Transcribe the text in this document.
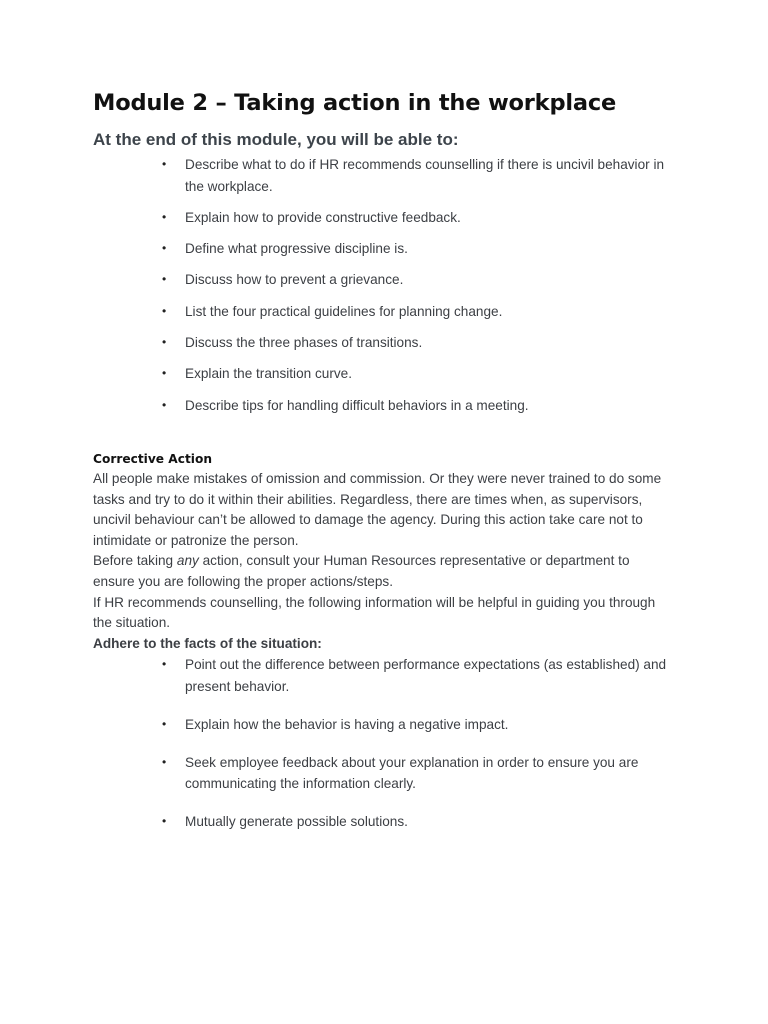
Module 2 – Taking action in the workplace
At the end of this module, you will be able to:
• Describe what to do if HR recommends counselling if there is uncivil behavior in the workplace.
• Explain how to provide constructive feedback.
• Define what progressive discipline is.
• Discuss how to prevent a grievance.
• List the four practical guidelines for planning change.
• Discuss the three phases of transitions.
• Explain the transition curve.
• Describe tips for handling difficult behaviors in a meeting.
Corrective Action

All people make mistakes of omission and commission. Or they were never trained to do some tasks and try to do it within their abilities. Regardless, there are times when, as supervisors, uncivil behaviour can’t be allowed to damage the agency. During this action take care not to intimidate or patronize the person.

Before taking any action, consult your Human Resources representative or department to ensure you are following the proper actions/steps.

If HR recommends counselling, the following information will be helpful in guiding you through the situation.

Adhere to the facts of the situation:

• Point out the difference between performance expectations (as established) and present behavior.
• Explain how the behavior is having a negative impact.
• Seek employee feedback about your explanation in order to ensure you are communicating the information clearly.
• Mutually generate possible solutions.
